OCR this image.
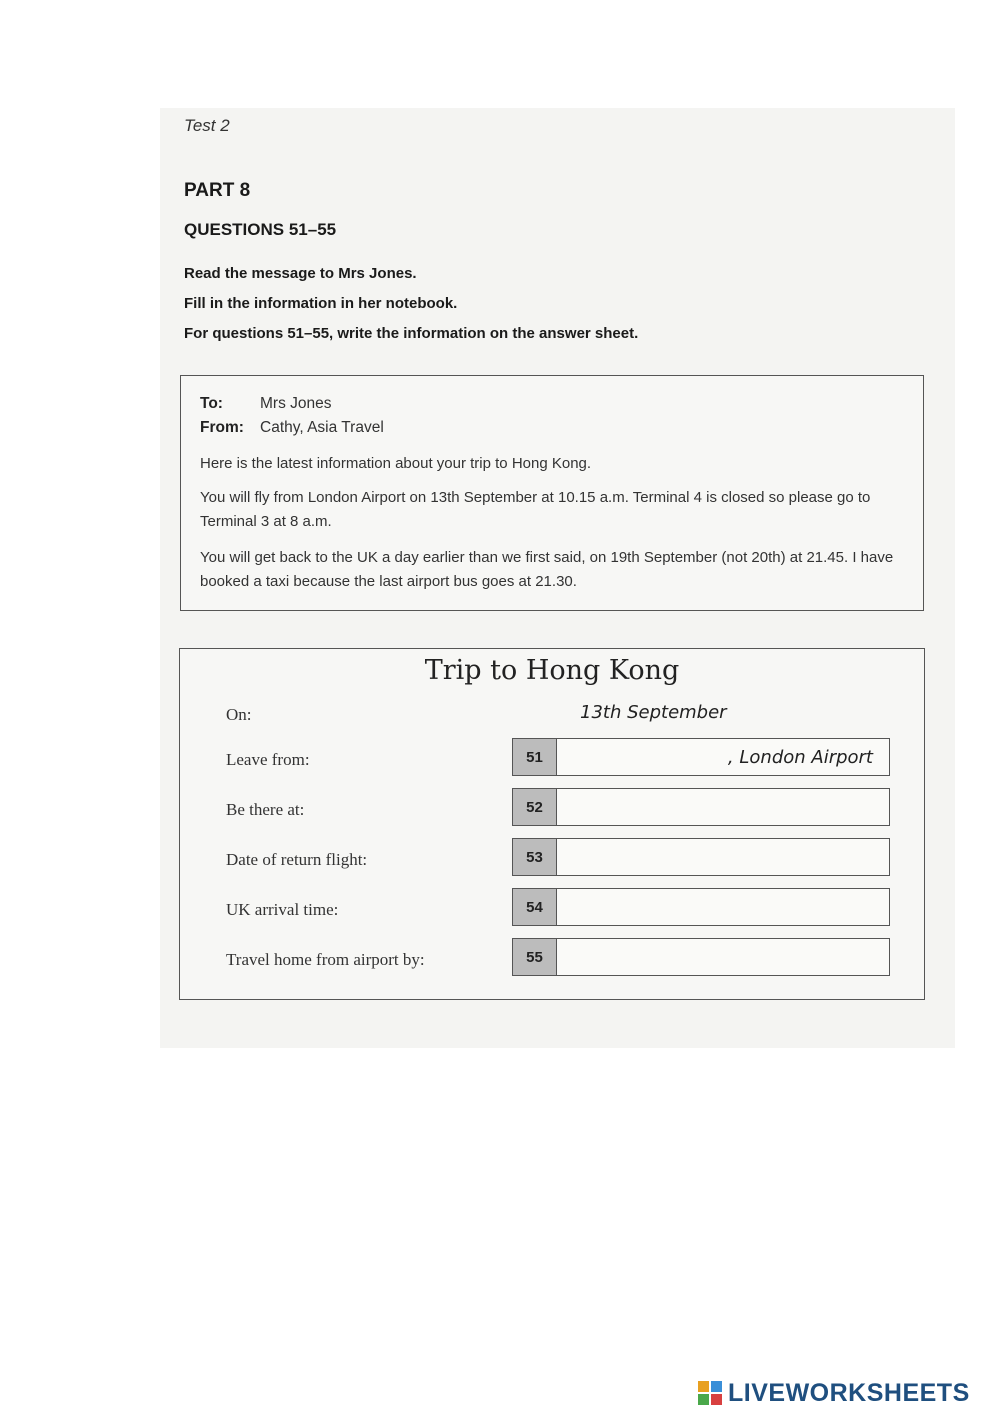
Test 2
PART 8
QUESTIONS 51–55
Read the message to Mrs Jones.
Fill in the information in her notebook.
For questions 51–55, write the information on the answer sheet.
To: Mrs Jones
From: Cathy, Asia Travel
Here is the latest information about your trip to Hong Kong.
You will fly from London Airport on 13th September at 10.15 a.m. Terminal 4 is closed so please go to Terminal 3 at 8 a.m.
You will get back to the UK a day earlier than we first said, on 19th September (not 20th) at 21.45. I have booked a taxi because the last airport bus goes at 21.30.
Trip to Hong Kong
On:	13th September
Leave from:	51	, London Airport
Be there at:	52
Date of return flight:	53
UK arrival time:	54
Travel home from airport by:	55
LIVEWORKSHEETS
